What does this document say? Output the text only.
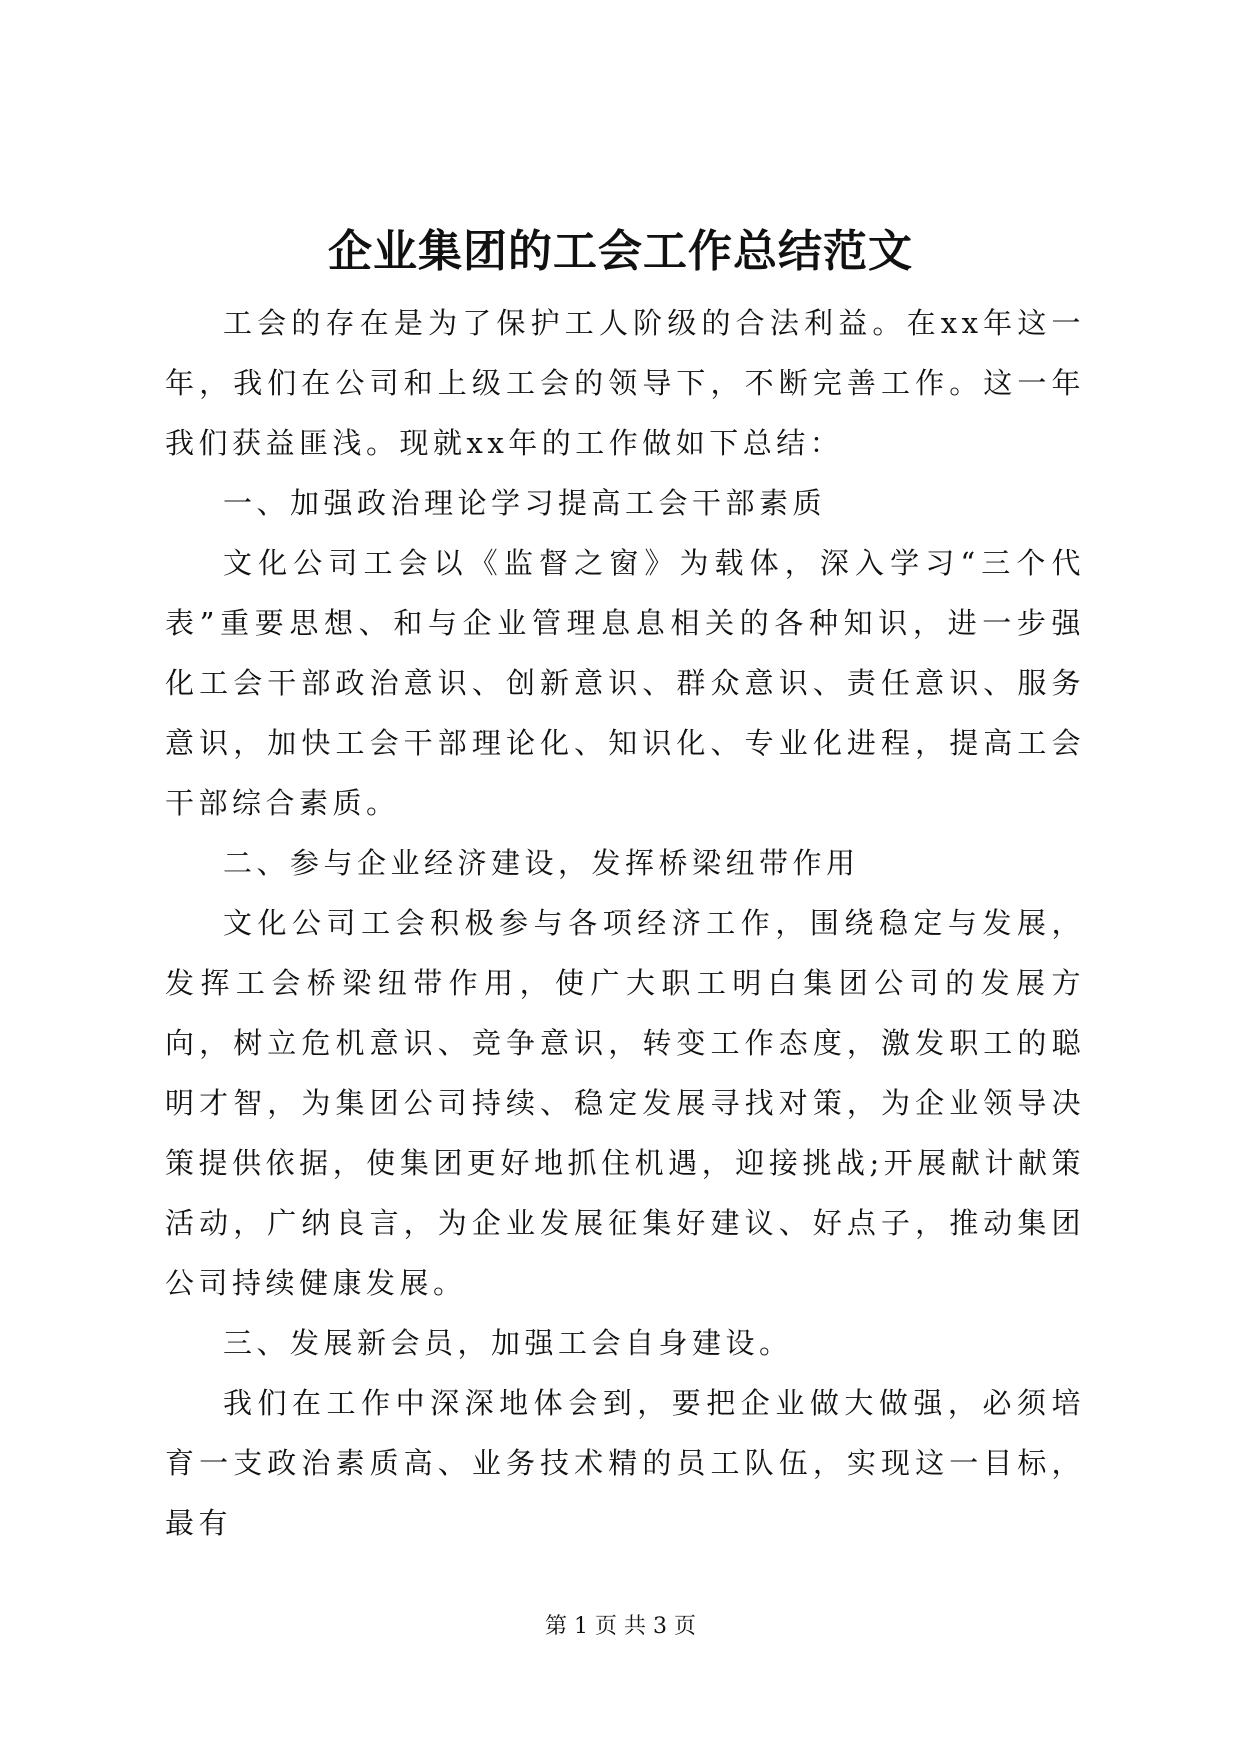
企业集团的工会工作总结范文

工会的存在是为了保护工人阶级的合法利益。在xx年这一年，我们在公司和上级工会的领导下，不断完善工作。这一年我们获益匪浅。现就xx年的工作做如下总结：

一、加强政治理论学习提高工会干部素质

文化公司工会以《监督之窗》为载体，深入学习“三个代表”重要思想、和与企业管理息息相关的各种知识，进一步强化工会干部政治意识、创新意识、群众意识、责任意识、服务意识，加快工会干部理论化、知识化、专业化进程，提高工会干部综合素质。

二、参与企业经济建设，发挥桥梁纽带作用

文化公司工会积极参与各项经济工作，围绕稳定与发展，发挥工会桥梁纽带作用，使广大职工明白集团公司的发展方向，树立危机意识、竞争意识，转变工作态度，激发职工的聪明才智，为集团公司持续、稳定发展寻找对策，为企业领导决策提供依据，使集团更好地抓住机遇，迎接挑战;开展献计献策活动，广纳良言，为企业发展征集好建议、好点子，推动集团公司持续健康发展。

三、发展新会员，加强工会自身建设。

我们在工作中深深地体会到，要把企业做大做强，必须培育一支政治素质高、业务技术精的员工队伍，实现这一目标，最有

第 1 页 共 3 页
